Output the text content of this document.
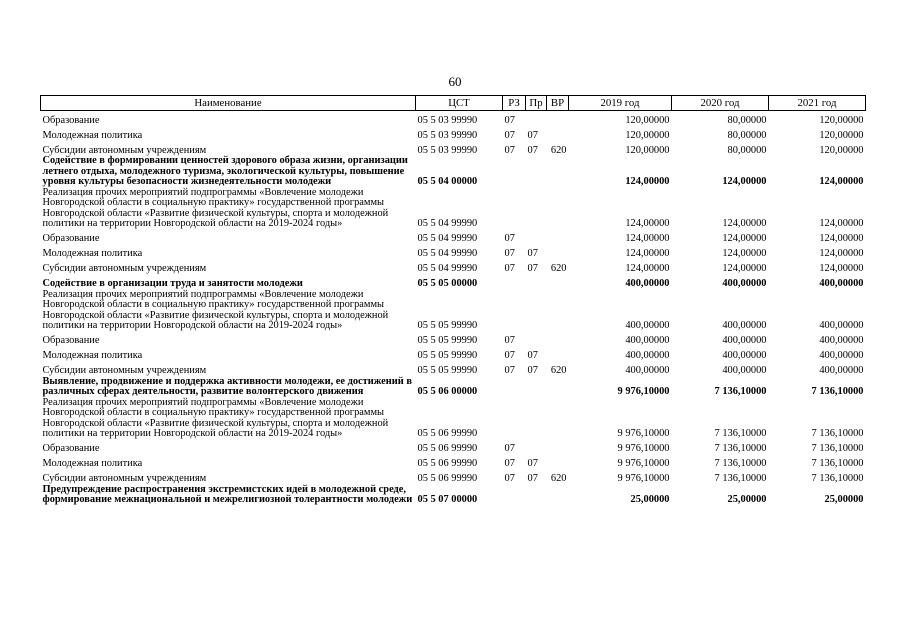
60
Наименование	ЦСТ	РЗ	Пр	ВР	2019 год	2020 год	2021 год
Образование	05 5 03 99990	07			120,00000	80,00000	120,00000
Молодежная политика	05 5 03 99990	07	07		120,00000	80,00000	120,00000
Субсидии автономным учреждениям	05 5 03 99990	07	07	620	120,00000	80,00000	120,00000
Содействие в формировании ценностей здорового образа жизни, организации летнего отдыха, молодежного туризма, экологической культуры, повышение уровня культуры безопасности жизнедеятельности молодежи	05 5 04 00000				124,00000	124,00000	124,00000
Реализация прочих мероприятий подпрограммы «Вовлечение молодежи Новгородской области в социальную практику» государственной программы Новгородской области «Развитие физической культуры, спорта и молодежной политики на территории Новгородской области на 2019-2024 годы»	05 5 04 99990				124,00000	124,00000	124,00000
Образование	05 5 04 99990	07			124,00000	124,00000	124,00000
Молодежная политика	05 5 04 99990	07	07		124,00000	124,00000	124,00000
Субсидии автономным учреждениям	05 5 04 99990	07	07	620	124,00000	124,00000	124,00000
Содействие в организации труда и занятости молодежи	05 5 05 00000				400,00000	400,00000	400,00000
Реализация прочих мероприятий подпрограммы «Вовлечение молодежи Новгородской области в социальную практику» государственной программы Новгородской области «Развитие физической культуры, спорта и молодежной политики на территории Новгородской области на 2019-2024 годы»	05 5 05 99990				400,00000	400,00000	400,00000
Образование	05 5 05 99990	07			400,00000	400,00000	400,00000
Молодежная политика	05 5 05 99990	07	07		400,00000	400,00000	400,00000
Субсидии автономным учреждениям	05 5 05 99990	07	07	620	400,00000	400,00000	400,00000
Выявление, продвижение и поддержка активности молодежи, ее достижений в различных сферах деятельности, развитие волонтерского движения	05 5 06 00000				9 976,10000	7 136,10000	7 136,10000
Реализация прочих мероприятий подпрограммы «Вовлечение молодежи Новгородской области в социальную практику» государственной программы Новгородской области «Развитие физической культуры, спорта и молодежной политики на территории Новгородской области на 2019-2024 годы»	05 5 06 99990				9 976,10000	7 136,10000	7 136,10000
Образование	05 5 06 99990	07			9 976,10000	7 136,10000	7 136,10000
Молодежная политика	05 5 06 99990	07	07		9 976,10000	7 136,10000	7 136,10000
Субсидии автономным учреждениям	05 5 06 99990	07	07	620	9 976,10000	7 136,10000	7 136,10000
Предупреждение распространения экстремистских идей в молодежной среде, формирование межнациональной и межрелигиозной толерантности молодежи	05 5 07 00000				25,00000	25,00000	25,00000
